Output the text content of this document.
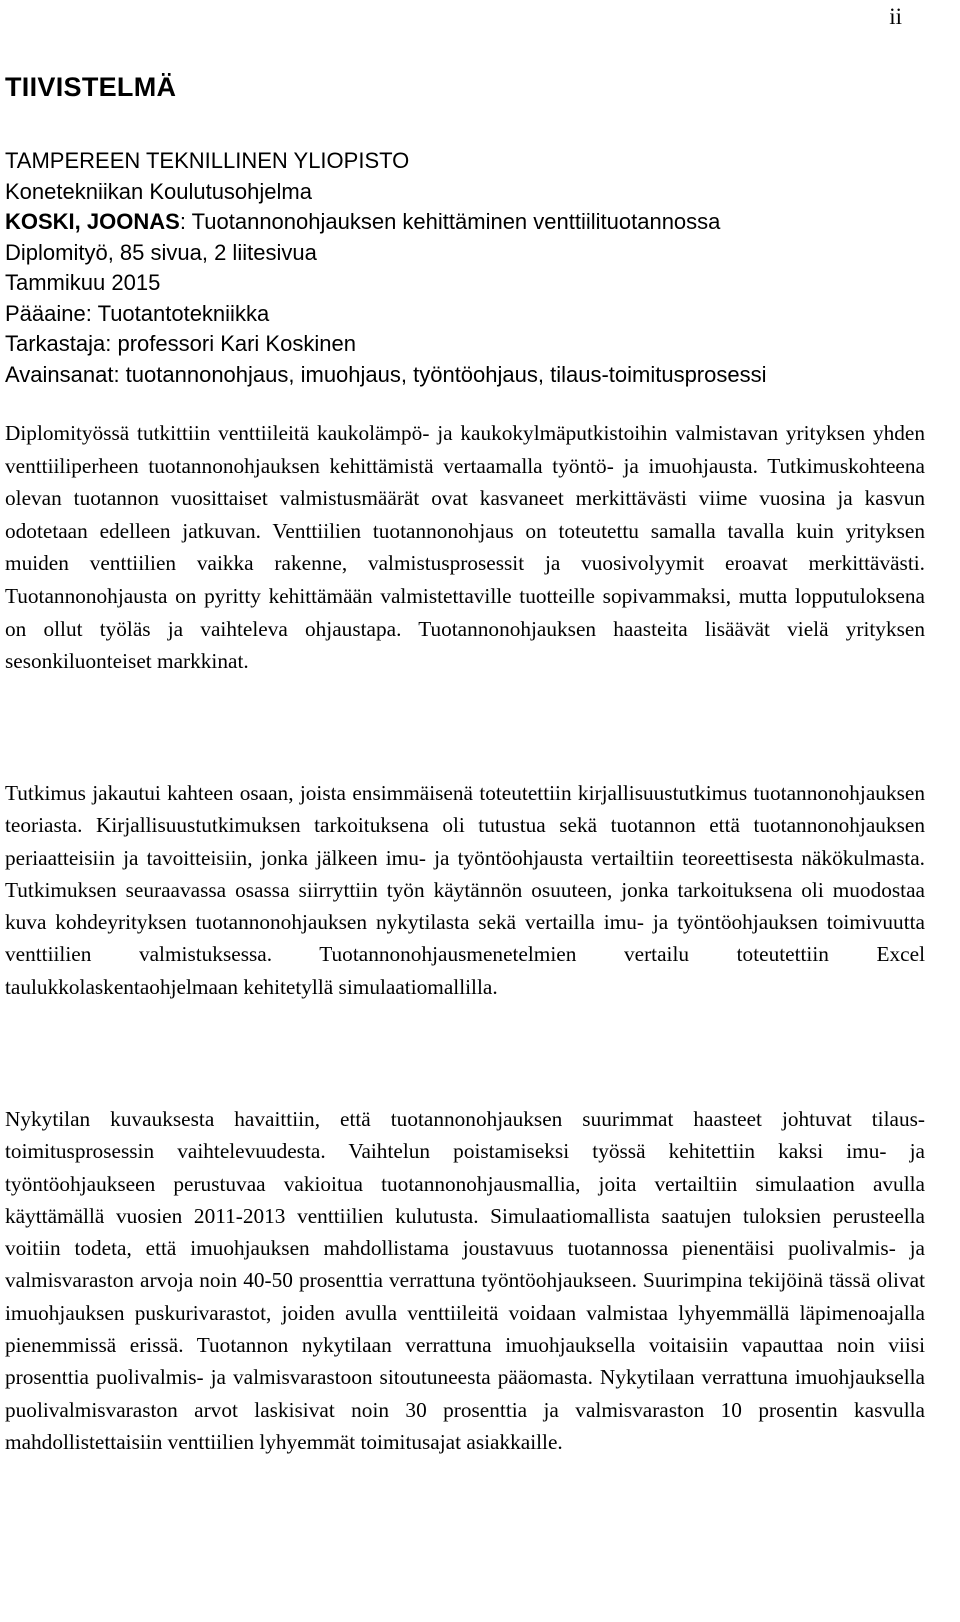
ii
TIIVISTELMÄ
TAMPEREEN TEKNILLINEN YLIOPISTO
Konetekniikan Koulutusohjelma
KOSKI, JOONAS: Tuotannonohjauksen kehittäminen venttiilituotannossa
Diplomityö, 85 sivua, 2 liitesivua
Tammikuu 2015
Pääaine: Tuotantotekniikka
Tarkastaja: professori Kari Koskinen
Avainsanat: tuotannonohjaus, imuohjaus, työntöohjaus, tilaus-toimitusprosessi

Diplomityössä tutkittiin venttiileitä kaukolämpö- ja kaukokylmäputkistoihin valmistavan yrityksen yhden venttiiliperheen tuotannonohjauksen kehittämistä vertaamalla työntö- ja imuohjausta. Tutkimuskohteena olevan tuotannon vuosittaiset valmistusmäärät ovat kasvaneet merkittävästi viime vuosina ja kasvun odotetaan edelleen jatkuvan. Venttiilien tuotannonohjaus on toteutettu samalla tavalla kuin yrityksen muiden venttiilien vaikka rakenne, valmistusprosessit ja vuosivolyymit eroavat merkittävästi. Tuotannonohjausta on pyritty kehittämään valmistettaville tuotteille sopivammaksi, mutta lopputuloksena on ollut työläs ja vaihteleva ohjaustapa. Tuotannonohjauksen haasteita lisäävät vielä yrityksen sesonkiluonteiset markkinat.

Tutkimus jakautui kahteen osaan, joista ensimmäisenä toteutettiin kirjallisuustutkimus tuotannonohjauksen teoriasta. Kirjallisuustutkimuksen tarkoituksena oli tutustua sekä tuotannon että tuotannonohjauksen periaatteisiin ja tavoitteisiin, jonka jälkeen imu- ja työntöohjausta vertailtiin teoreettisesta näkökulmasta. Tutkimuksen seuraavassa osassa siirryttiin työn käytännön osuuteen, jonka tarkoituksena oli muodostaa kuva kohdeyrityksen tuotannonohjauksen nykytilasta sekä vertailla imu- ja työntöohjauksen toimivuutta venttiilien valmistuksessa. Tuotannonohjausmenetelmien vertailu toteutettiin Excel taulukkolaskentaohjelmaan kehitetyllä simulaatiomallilla.

Nykytilan kuvauksesta havaittiin, että tuotannonohjauksen suurimmat haasteet johtuvat tilaus-toimitusprosessin vaihtelevuudesta. Vaihtelun poistamiseksi työssä kehitettiin kaksi imu- ja työntöohjaukseen perustuvaa vakioitua tuotannonohjausmallia, joita vertailtiin simulaation avulla käyttämällä vuosien 2011-2013 venttiilien kulutusta. Simulaatiomallista saatujen tuloksien perusteella voitiin todeta, että imuohjauksen mahdollistama joustavuus tuotannossa pienentäisi puolivalmis- ja valmisvaraston arvoja noin 40-50 prosenttia verrattuna työntöohjaukseen. Suurimpina tekijöinä tässä olivat imuohjauksen puskurivarastot, joiden avulla venttiileitä voidaan valmistaa lyhyemmällä läpimenoajalla pienemmissä erissä. Tuotannon nykytilaan verrattuna imuohjauksella voitaisiin vapauttaa noin viisi prosenttia puolivalmis- ja valmisvarastoon sitoutuneesta pääomasta. Nykytilaan verrattuna imuohjauksella puolivalmisvaraston arvot laskisivat noin 30 prosenttia ja valmisvaraston 10 prosentin kasvulla mahdollistettaisiin venttiilien lyhyemmät toimitusajat asiakkaille.
